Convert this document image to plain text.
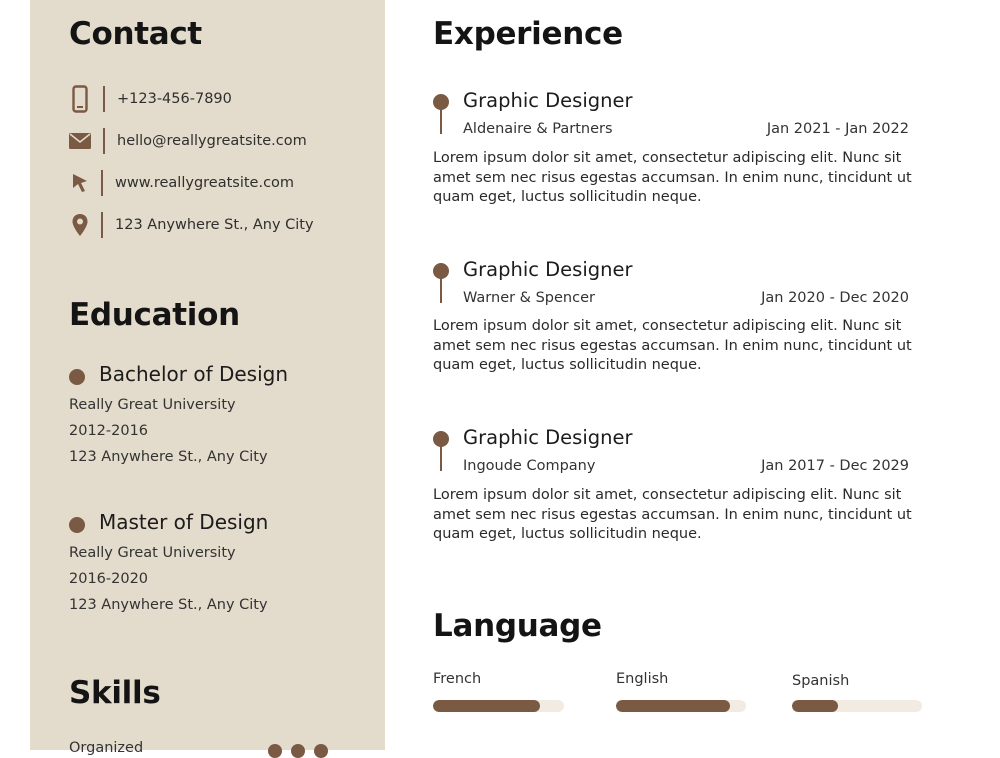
Contact
+123-456-7890
hello@reallygreatsite.com
www.reallygreatsite.com
123 Anywhere St., Any City
Education
Bachelor of Design
Really Great University
2012-2016
123 Anywhere St., Any City
Master of Design
Really Great University
2016-2020
123 Anywhere St., Any City
Skills
Organized
Experience
Graphic Designer
Aldenaire & Partners	Jan 2021 - Jan 2022

Lorem ipsum dolor sit amet, consectetur adipiscing elit. Nunc sit amet sem nec risus egestas accumsan. In enim nunc, tincidunt ut quam eget, luctus sollicitudin neque.

Graphic Designer
Warner & Spencer	Jan 2020 - Dec 2020

Lorem ipsum dolor sit amet, consectetur adipiscing elit. Nunc sit amet sem nec risus egestas accumsan. In enim nunc, tincidunt ut quam eget, luctus sollicitudin neque.

Graphic Designer
Ingoude Company	Jan 2017 - Dec 2029

Lorem ipsum dolor sit amet, consectetur adipiscing elit. Nunc sit amet sem nec risus egestas accumsan. In enim nunc, tincidunt ut quam eget, luctus sollicitudin neque.

Language
French	English	Spanish
